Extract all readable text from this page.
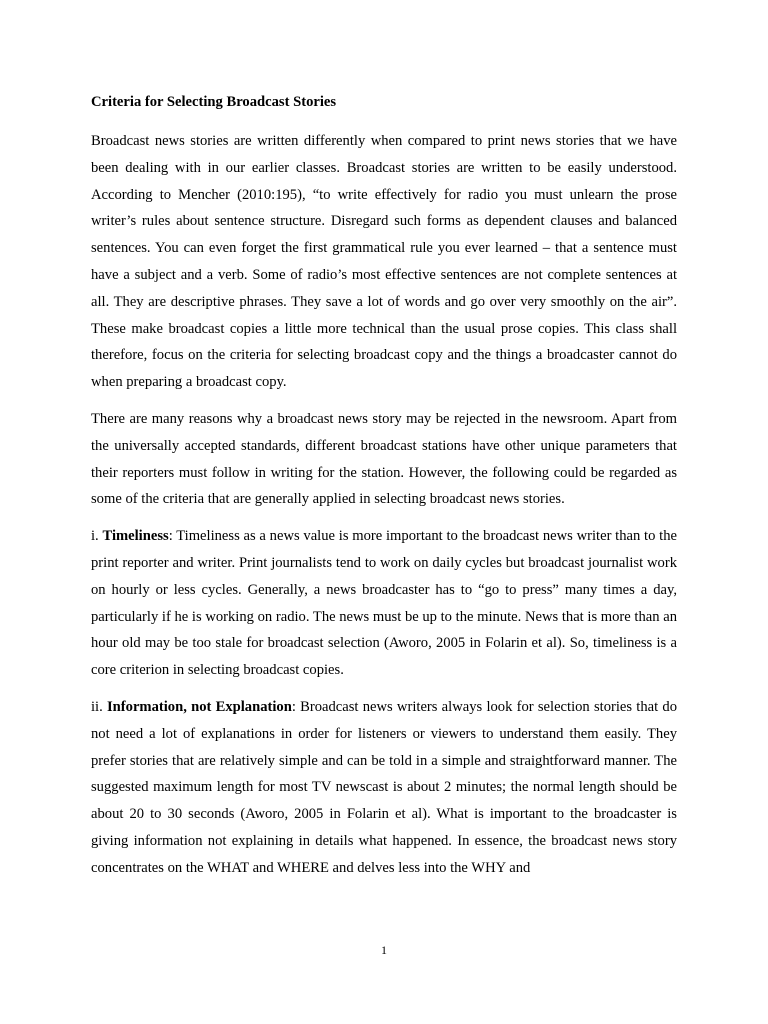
Criteria for Selecting Broadcast Stories

Broadcast news stories are written differently when compared to print news stories that we have been dealing with in our earlier classes. Broadcast stories are written to be easily understood. According to Mencher (2010:195), “to write effectively for radio you must unlearn the prose writer’s rules about sentence structure. Disregard such forms as dependent clauses and balanced sentences. You can even forget the first grammatical rule you ever learned – that a sentence must have a subject and a verb. Some of radio’s most effective sentences are not complete sentences at all. They are descriptive phrases. They save a lot of words and go over very smoothly on the air”. These make broadcast copies a little more technical than the usual prose copies. This class shall therefore, focus on the criteria for selecting broadcast copy and the things a broadcaster cannot do when preparing a broadcast copy.

There are many reasons why a broadcast news story may be rejected in the newsroom. Apart from the universally accepted standards, different broadcast stations have other unique parameters that their reporters must follow in writing for the station. However, the following could be regarded as some of the criteria that are generally applied in selecting broadcast news stories.

i. Timeliness: Timeliness as a news value is more important to the broadcast news writer than to the print reporter and writer. Print journalists tend to work on daily cycles but broadcast journalist work on hourly or less cycles. Generally, a news broadcaster has to “go to press” many times a day, particularly if he is working on radio. The news must be up to the minute. News that is more than an hour old may be too stale for broadcast selection (Aworo, 2005 in Folarin et al). So, timeliness is a core criterion in selecting broadcast copies.

ii. Information, not Explanation: Broadcast news writers always look for selection stories that do not need a lot of explanations in order for listeners or viewers to understand them easily. They prefer stories that are relatively simple and can be told in a simple and straightforward manner. The suggested maximum length for most TV newscast is about 2 minutes; the normal length should be about 20 to 30 seconds (Aworo, 2005 in Folarin et al). What is important to the broadcaster is giving information not explaining in details what happened. In essence, the broadcast news story concentrates on the WHAT and WHERE and delves less into the WHY and

1
